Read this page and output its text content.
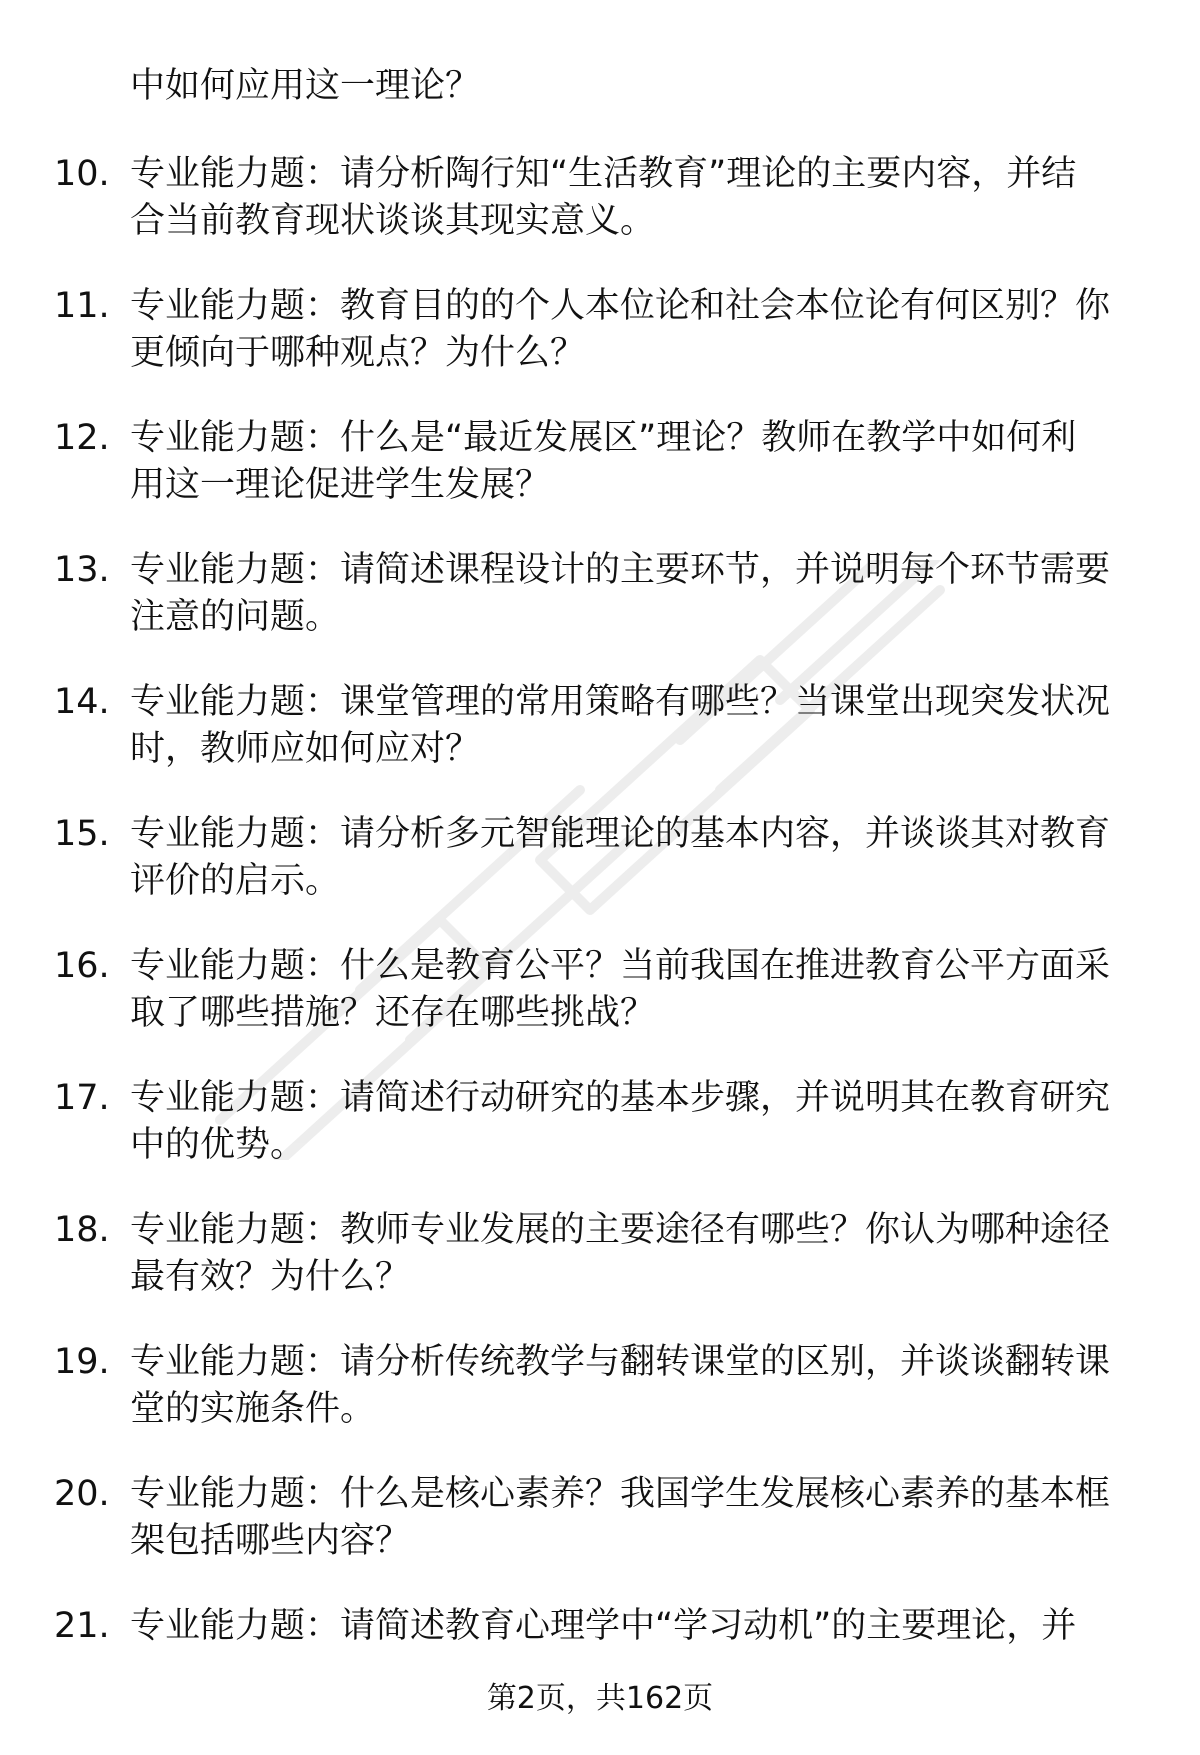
中如何应用这一理论？
10. 专业能力题：请分析陶行知“生活教育”理论的主要内容，并结
合当前教育现状谈谈其现实意义。
11. 专业能力题：教育目的的个人本位论和社会本位论有何区别？你
更倾向于哪种观点？为什么？
12. 专业能力题：什么是“最近发展区”理论？教师在教学中如何利
用这一理论促进学生发展？
13. 专业能力题：请简述课程设计的主要环节，并说明每个环节需要
注意的问题。
14. 专业能力题：课堂管理的常用策略有哪些？当课堂出现突发状况
时，教师应如何应对？
15. 专业能力题：请分析多元智能理论的基本内容，并谈谈其对教育
评价的启示。
16. 专业能力题：什么是教育公平？当前我国在推进教育公平方面采
取了哪些措施？还存在哪些挑战？
17. 专业能力题：请简述行动研究的基本步骤，并说明其在教育研究
中的优势。
18. 专业能力题：教师专业发展的主要途径有哪些？你认为哪种途径
最有效？为什么？
19. 专业能力题：请分析传统教学与翻转课堂的区别，并谈谈翻转课
堂的实施条件。
20. 专业能力题：什么是核心素养？我国学生发展核心素养的基本框
架包括哪些内容？
21. 专业能力题：请简述教育心理学中“学习动机”的主要理论，并
第2页，共162页
